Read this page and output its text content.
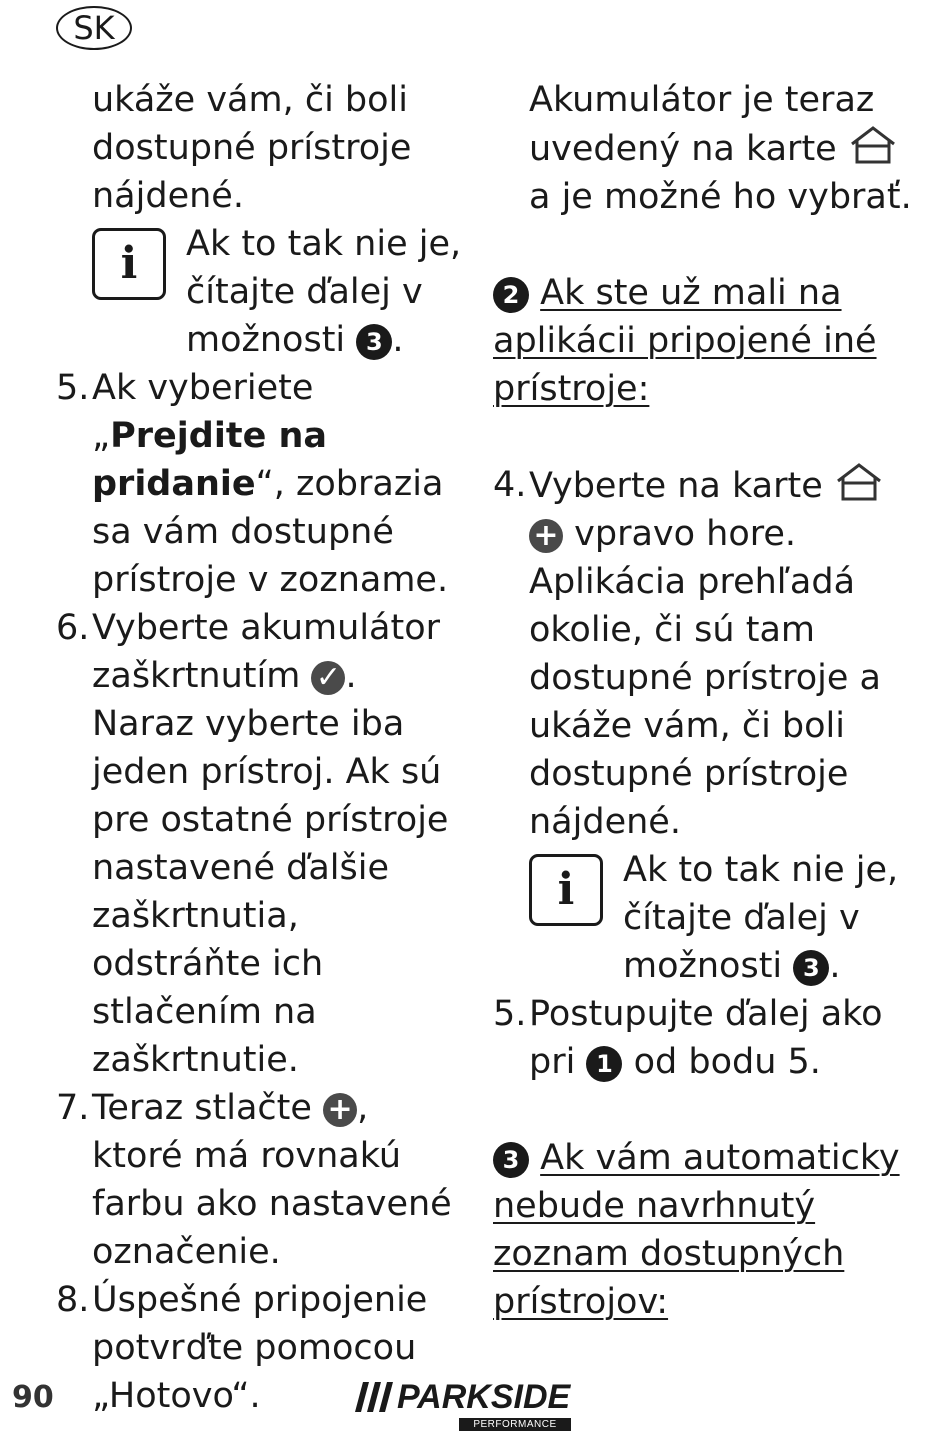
SK
ukáže vám, či boli dostupné prístroje nájdené.
i	Ak to tak nie je, čítajte ďalej v možnosti 3 .
5. Ak vyberiete „Prejdite na pridanie“, zobrazia sa vám dostupné prístroje v zozname.
6. Vyberte akumulátor zaškrtnutím ✓ . Naraz vyberte iba jeden prístroj. Ak sú pre ostatné prístroje nastavené ďalšie zaškrtnutia, odstráňte ich stlačením na zaškrtnutie.
7. Teraz stlačte + , ktoré má rovnakú farbu ako nastavené označenie.
8. Úspešné pripojenie potvrďte pomocou „Hotovo“.
Akumulátor je teraz uvedený na karte  a je možné ho vybrať.
2 Ak ste už mali na aplikácii pripojené iné prístroje:
4. Vyberte na karte  + vpravo hore. Aplikácia prehľadá okolie, či sú tam dostupné prístroje a ukáže vám, či boli dostupné prístroje nájdené.
i	Ak to tak nie je, čítajte ďalej v možnosti 3 .
5. Postupujte ďalej ako pri 1 od bodu 5.
3 Ak vám automaticky nebude navrhnutý zoznam dostupných prístrojov:
90	PARKSIDE
PERFORMANCE
